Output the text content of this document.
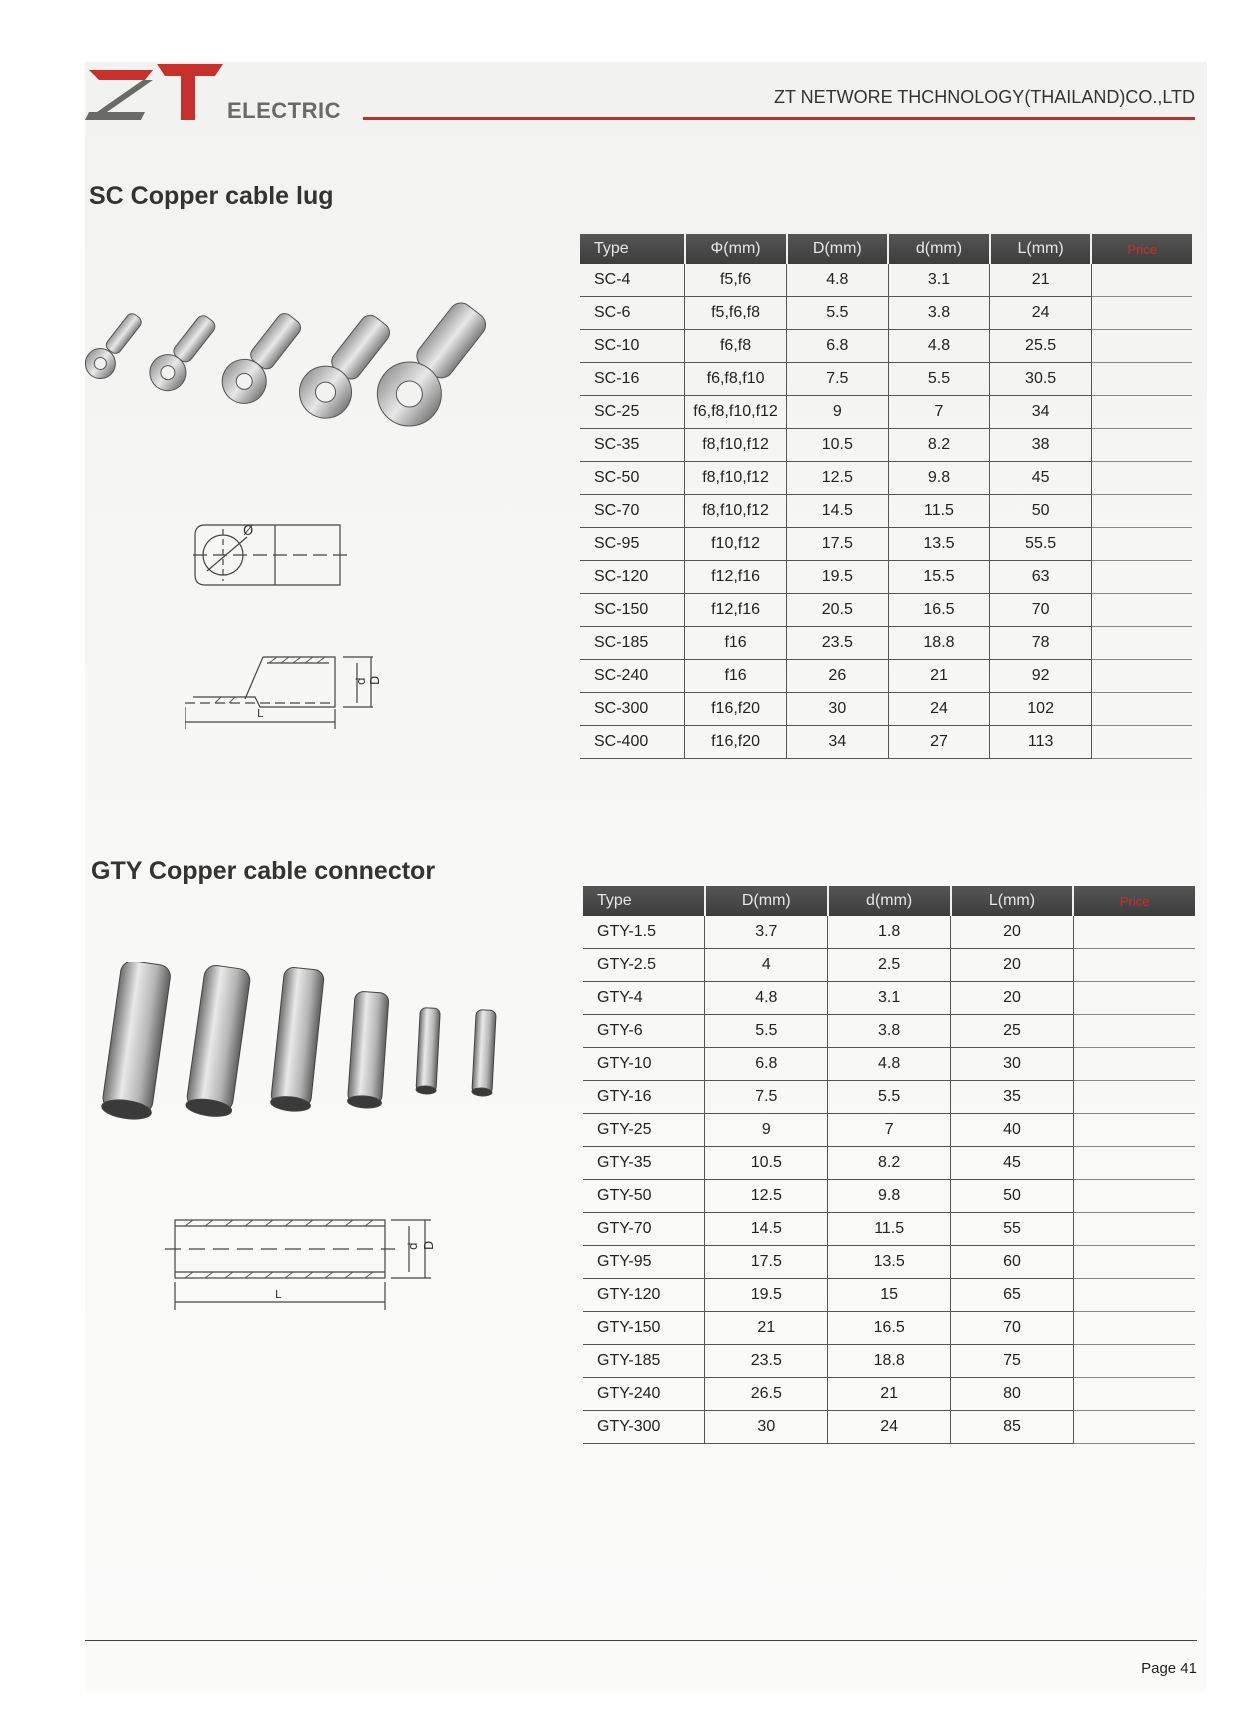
ELECTRIC
ZT NETWORE THCHNOLOGY(THAILAND)CO.,LTD
SC Copper cable lug
Ø
d D
L
Type	Φ(mm)	D(mm)	d(mm)	L(mm)	Price
SC-4	f5,f6	4.8	3.1	21	
SC-6	f5,f6,f8	5.5	3.8	24	
SC-10	f6,f8	6.8	4.8	25.5	
SC-16	f6,f8,f10	7.5	5.5	30.5	
SC-25	f6,f8,f10,f12	9	7	34	
SC-35	f8,f10,f12	10.5	8.2	38	
SC-50	f8,f10,f12	12.5	9.8	45	
SC-70	f8,f10,f12	14.5	11.5	50	
SC-95	f10,f12	17.5	13.5	55.5	
SC-120	f12,f16	19.5	15.5	63	
SC-150	f12,f16	20.5	16.5	70	
SC-185	f16	23.5	18.8	78	
SC-240	f16	26	21	92	
SC-300	f16,f20	30	24	102	
SC-400	f16,f20	34	27	113	
GTY Copper cable connector
d D
L
Type	D(mm)	d(mm)	L(mm)	Price
GTY-1.5	3.7	1.8	20	
GTY-2.5	4	2.5	20	
GTY-4	4.8	3.1	20	
GTY-6	5.5	3.8	25	
GTY-10	6.8	4.8	30	
GTY-16	7.5	5.5	35	
GTY-25	9	7	40	
GTY-35	10.5	8.2	45	
GTY-50	12.5	9.8	50	
GTY-70	14.5	11.5	55	
GTY-95	17.5	13.5	60	
GTY-120	19.5	15	65	
GTY-150	21	16.5	70	
GTY-185	23.5	18.8	75	
GTY-240	26.5	21	80	
GTY-300	30	24	85	
Page 41
